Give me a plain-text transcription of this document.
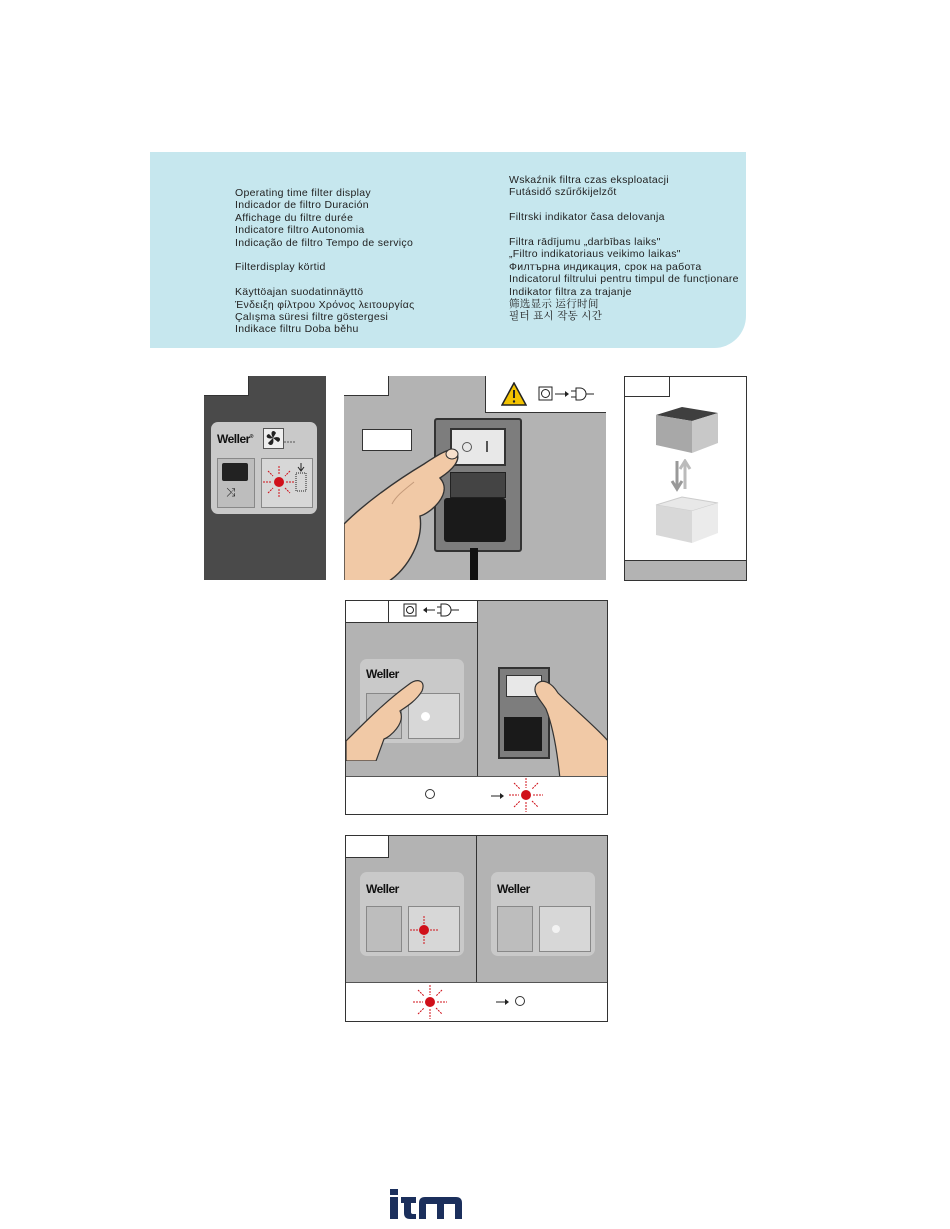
Operating time filter display
Indicador de filtro Duración
Affichage du filtre durée
Indicatore filtro Autonomia
Indicação de filtro Tempo de serviço
Filterdisplay körtid
Käyttöajan suodatinnäyttö
Ένδειξη φίλτρου Χρόνος λειτουργίας
Çalışma süresi filtre göstergesi
Indikace filtru Doba běhu
Wskaźnik filtra czas eksploatacji
Futásidő szűrőkijelzőt
Filtrski indikator časa delovanja
Filtra rādījumu „darbības laiks"
„Filtro indikatoriaus veikimo laikas"
Филтърна индикация, срок на работа
Indicatorul filtrului pentru timpul de funcționare
Indikator filtra za trajanje
筛选显示 运行时间
필터 표시 작동 시간
Weller®
⤨
Weller
Weller	Weller
